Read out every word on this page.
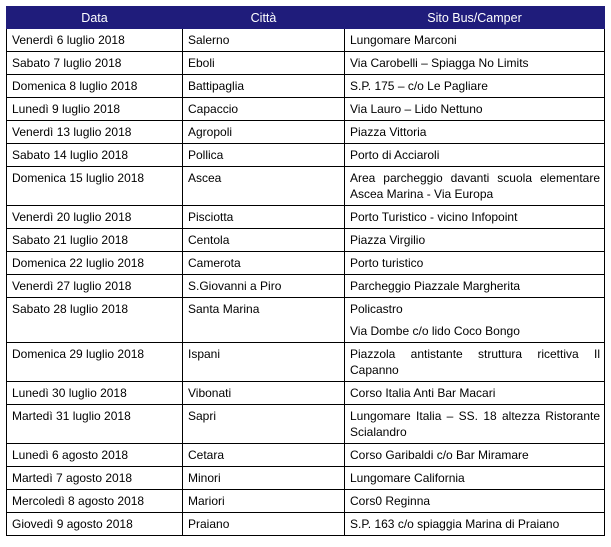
Data	Città	Sito Bus/Camper
Venerdì 6 luglio 2018	Salerno	Lungomare Marconi

Sabato 7 luglio 2018	Eboli	Via Carobelli – Spiagga No Limits

Domenica 8 luglio 2018	Battipaglia	S.P. 175 – c/o Le Pagliare

Lunedì 9 luglio 2018	Capaccio	Via Lauro – Lido Nettuno

Venerdì 13 luglio 2018	Agropoli	Piazza Vittoria

Sabato 14 luglio 2018	Pollica	Porto di Acciaroli

Domenica 15 luglio 2018	Ascea	Area parcheggio davanti scuola elementare Ascea Marina - Via Europa

Venerdì 20 luglio 2018	Pisciotta	Porto Turistico - vicino Infopoint

Sabato 21 luglio 2018	Centola	Piazza Virgilio

Domenica 22 luglio 2018	Camerota	Porto turistico

Venerdì 27 luglio 2018	S.Giovanni a Piro	Parcheggio Piazzale Margherita

Sabato 28 luglio 2018	Santa Marina	Policastro
Via Dombe c/o lido Coco Bongo

Domenica 29 luglio 2018	Ispani	Piazzola antistante struttura ricettiva Il Capanno

Lunedì 30 luglio 2018	Vibonati	Corso Italia Anti Bar Macari

Martedì 31 luglio 2018	Sapri	Lungomare Italia – SS. 18 altezza Ristorante Scialandro

Lunedì 6 agosto 2018	Cetara	Corso Garibaldi c/o Bar Miramare

Martedì 7 agosto 2018	Minori	Lungomare California

Mercoledì 8 agosto 2018	Mariori	Cors0 Reginna

Giovedì 9 agosto 2018	Praiano	S.P. 163 c/o spiaggia Marina di Praiano
